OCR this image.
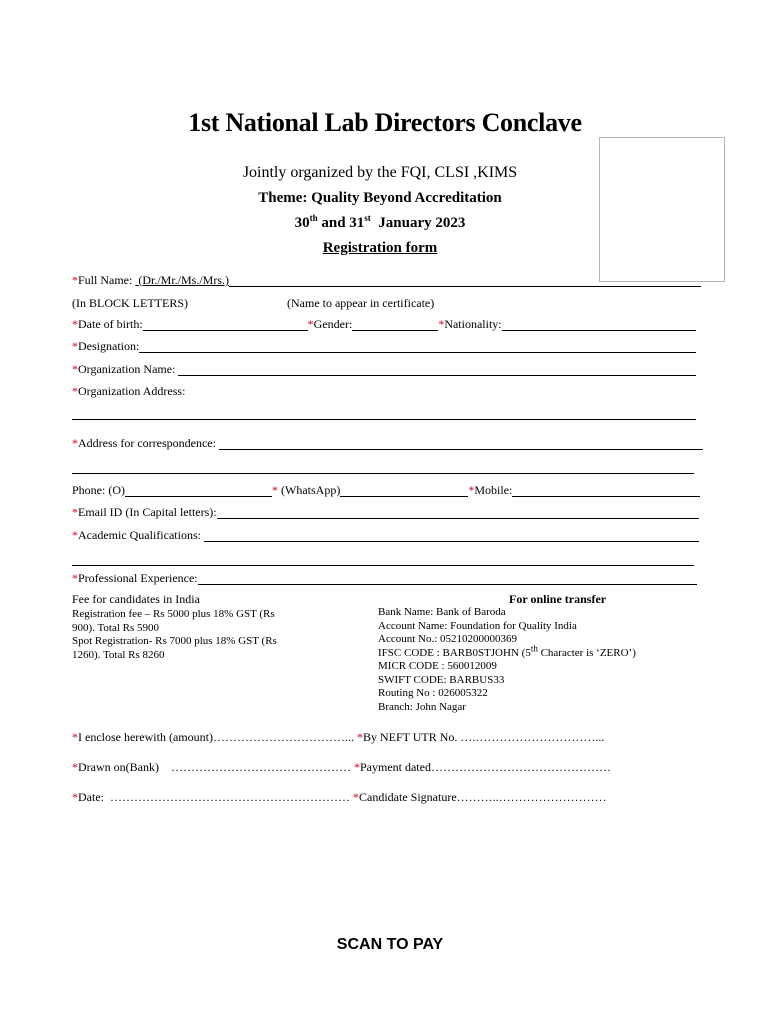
1st National Lab Directors Conclave
Jointly organized by the FQI, CLSI ,KIMS
Theme: Quality Beyond Accreditation
30th and 31st  January 2023
Registration form
*Full Name:  (Dr./Mr./Ms./Mrs.)
(In BLOCK LETTERS)	(Name to appear in certificate)
*Date of birth:	*Gender:	*Nationality:
*Designation:
*Organization Name:
*Organization Address:
*Address for correspondence:
Phone: (O)	* (WhatsApp)	*Mobile:
*Email ID (In Capital letters):
*Academic Qualifications:
*Professional Experience:
Fee for candidates in India
Registration fee – Rs 5000 plus 18% GST (Rs
900). Total Rs 5900
Spot Registration- Rs 7000 plus 18% GST (Rs
1260). Total Rs 8260
For online transfer
Bank Name: Bank of Baroda
Account Name: Foundation for Quality India
Account No.: 05210200000369
IFSC CODE : BARB0STJOHN (5th Character is ‘ZERO’)
MICR CODE : 560012009
SWIFT CODE: BARBUS33
Routing No : 026005322
Branch: John Nagar
*I enclose herewith (amount)……………………………... *By NEFT UTR No. ….…………………………...
*Drawn on(Bank)    ……………………………………… *Payment dated………………………………………
*Date:  …………………………………………………… *Candidate Signature………..………………………
SCAN TO PAY
